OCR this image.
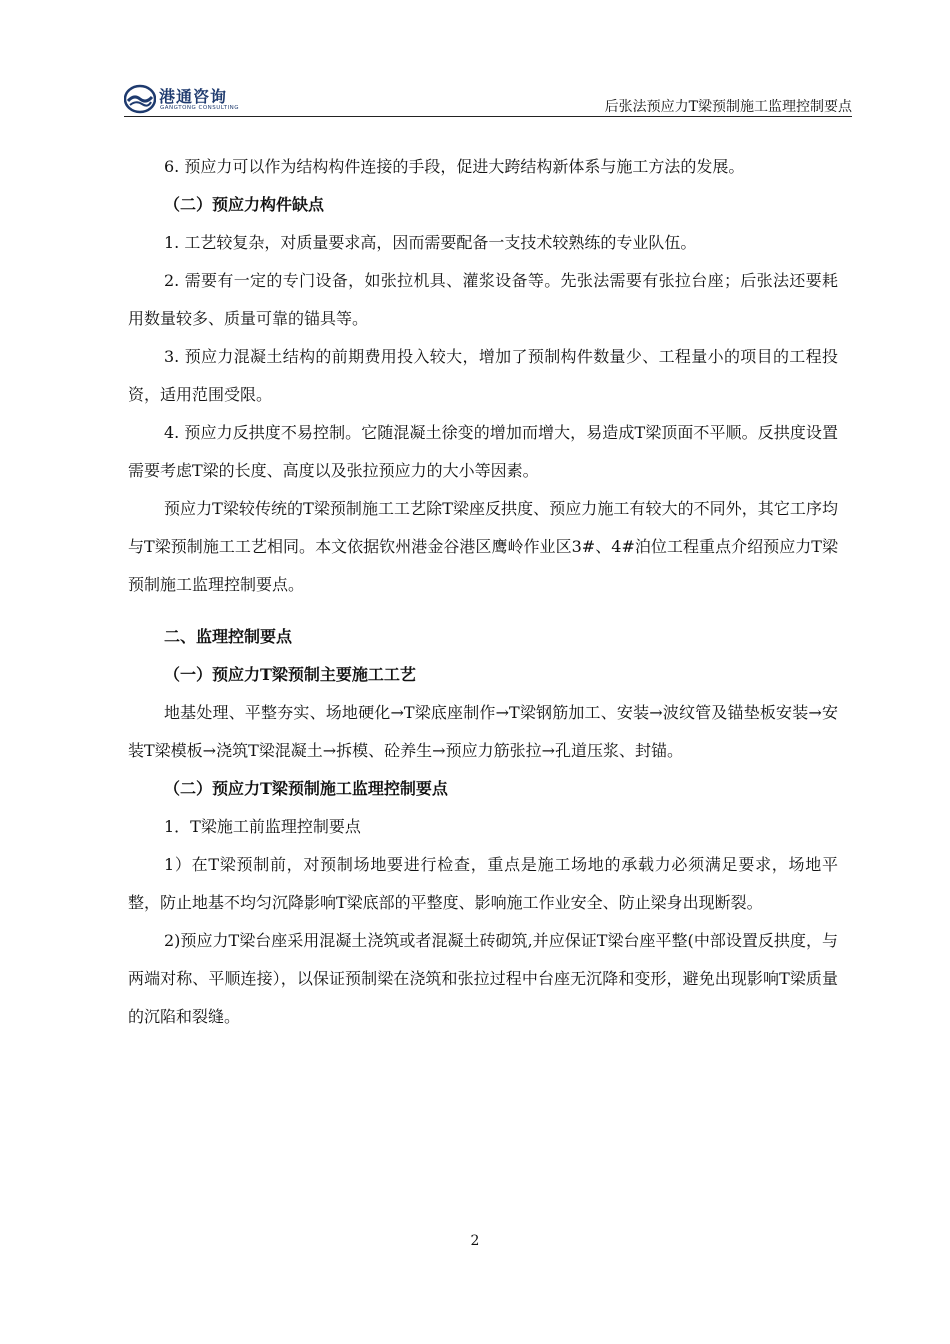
港通咨询
GANGTONG CONSULTING	后张法预应力T梁预制施工监理控制要点

6. 预应力可以作为结构构件连接的手段，促进大跨结构新体系与施工方法的发展。

（二）预应力构件缺点

1. 工艺较复杂，对质量要求高，因而需要配备一支技术较熟练的专业队伍。

2. 需要有一定的专门设备，如张拉机具、灌浆设备等。先张法需要有张拉台座；后张法还要耗用数量较多、质量可靠的锚具等。

3. 预应力混凝土结构的前期费用投入较大，增加了预制构件数量少、工程量小的项目的工程投资，适用范围受限。

4. 预应力反拱度不易控制。它随混凝土徐变的增加而增大，易造成T梁顶面不平顺。反拱度设置需要考虑T梁的长度、高度以及张拉预应力的大小等因素。

预应力T梁较传统的T梁预制施工工艺除T梁座反拱度、预应力施工有较大的不同外，其它工序均与T梁预制施工工艺相同。本文依据钦州港金谷港区鹰岭作业区3#、4#泊位工程重点介绍预应力T梁预制施工监理控制要点。

二、监理控制要点

（一）预应力T梁预制主要施工工艺

地基处理、平整夯实、场地硬化→T梁底座制作→T梁钢筋加工、安装→波纹管及锚垫板安装→安装T梁模板→浇筑T梁混凝土→拆模、砼养生→预应力筋张拉→孔道压浆、封锚。

（二）预应力T梁预制施工监理控制要点

1．T梁施工前监理控制要点

1）在T梁预制前，对预制场地要进行检查，重点是施工场地的承载力必须满足要求，场地平整，防止地基不均匀沉降影响T梁底部的平整度、影响施工作业安全、防止梁身出现断裂。

2)预应力T梁台座采用混凝土浇筑或者混凝土砖砌筑,并应保证T梁台座平整(中部设置反拱度，与两端对称、平顺连接），以保证预制梁在浇筑和张拉过程中台座无沉降和变形，避免出现影响T梁质量的沉陷和裂缝。

2
